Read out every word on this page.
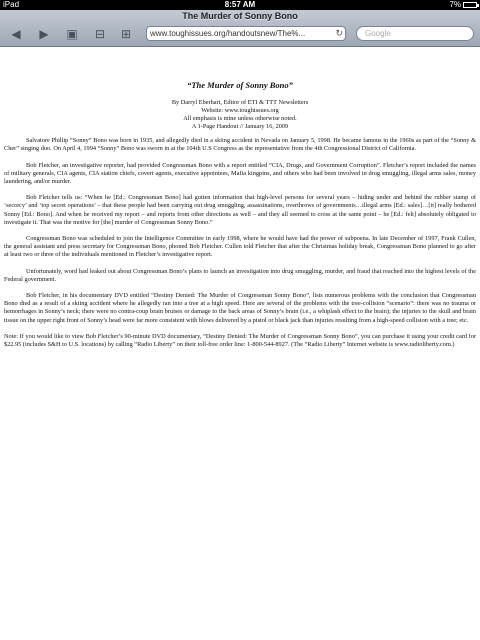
iPad	8:57 AM	7%
The Murder of Sonny Bono
◀ ▶ ▣ ⊟ ⊞	www.toughissues.org/handoutsnew/The%...	↻	Google
“The Murder of Sonny Bono”
By Darryl Eberhart, Editor of ETI & TTT Newsletters
Website: www.toughissues.org
All emphasis is mine unless otherwise noted.
A 1-Page Handout // January 16, 2009

Salvatore Phillip “Sonny” Bono was born in 1935, and allegedly died in a skiing accident in Nevada on January 5, 1998. He became famous in the 1960s as part of the “Sonny & Cher” singing duo. On April 4, 1994 “Sonny” Bono was sworn in at the 104th U.S Congress as the representative from the 4th Congressional District of California.

Bob Fletcher, an investigative reporter, had provided Congressman Bono with a report entitled “CIA, Drugs, and Government Corruption”. Fletcher’s report included the names of military generals, CIA agents, CIA station chiefs, covert agents, executive appointees, Mafia kingpins, and others who had been involved in drug smuggling, illegal arms sales, money laundering, and/or murder.

Bob Fletcher tells us: “When he [Ed.: Congressman Bono] had gotten information that high-level persons for several years – hiding under and behind the rubber stamp of ‘secrecy’ and ‘top secret operations’ – that these people had been carrying out drug smuggling, assassinations, overthrows of governments…illegal arms [Ed.: sales]…[it] really bothered Sonny [Ed.: Bono]. And when he received my report – and reports from other directions as well – and they all seemed to cross at the same point – he [Ed.: felt] absolutely obligated to investigate it. That was the motive for [the] murder of Congressman Sonny Bono.”

Congressman Bono was scheduled to join the Intelligence Committee in early 1998, where he would have had the power of subpoena. In late December of 1997, Frank Cullen, the general assistant and press secretary for Congressman Bono, phoned Bob Fletcher. Cullen told Fletcher that after the Christmas holiday break, Congressman Bono planned to go after at least two or three of the individuals mentioned in Fletcher’s investigative report.

Unfortunately, word had leaked out about Congressman Bono’s plans to launch an investigation into drug smuggling, murder, and fraud that reached into the highest levels of the Federal government.

Bob Fletcher, in his documentary DVD entitled “Destiny Denied: The Murder of Congressman Sonny Bono”, lists numerous problems with the conclusion that Congressman Bono died as a result of a skiing accident where he allegedly ran into a tree at a high speed. Here are several of the problems with the tree-collision “scenario”: there was no trauma or hemorrhages in Sonny’s neck; there were no contra-coup brain bruises or damage to the back areas of Sonny’s brain (i.e., a whiplash effect to the brain); the injuries to the skull and brain tissue on the upper right front of Sonny’s head were far more consistent with blows delivered by a pistol or black jack than injuries resulting from a high-speed collision with a tree; etc.

Note: If you would like to view Bob Fletcher’s 90-minute DVD documentary, “Destiny Denied: The Murder of Congressman Sonny Bono”, you can purchase it using your credit card for $22.95 (includes S&H to U.S. locations) by calling “Radio Liberty” on their toll-free order line: 1-800-544-8927. (The “Radio Liberty” Internet website is www.radioliberty.com.)
